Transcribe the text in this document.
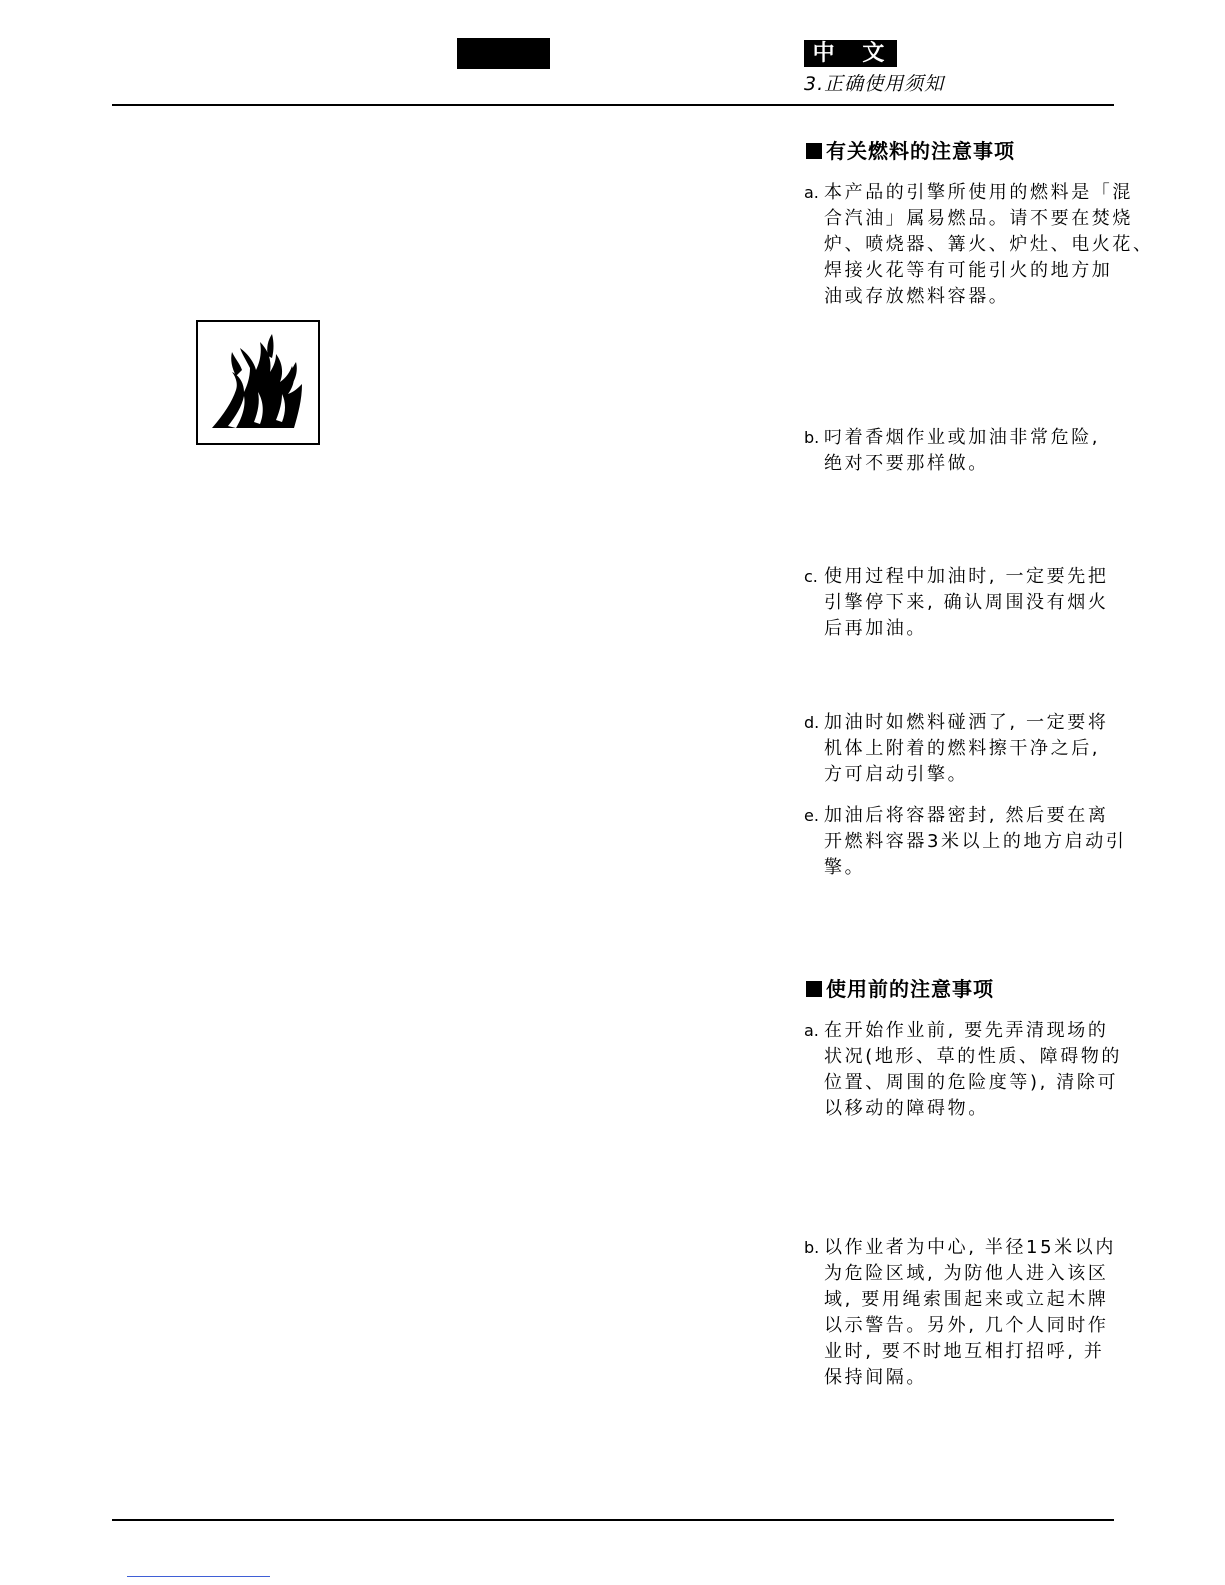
中 文
3.正确使用须知
有关燃料的注意事项
a. 本产品的引擎所使用的燃料是「混
合汽油」属易燃品。请不要在焚烧
炉、喷烧器、篝火、炉灶、电火花、
焊接火花等有可能引火的地方加
油或存放燃料容器。
b. 叼着香烟作业或加油非常危险,
绝对不要那样做。
c. 使用过程中加油时, 一定要先把
引擎停下来, 确认周围没有烟火
后再加油。
d. 加油时如燃料碰洒了, 一定要将
机体上附着的燃料擦干净之后,
方可启动引擎。
e. 加油后将容器密封, 然后要在离
开燃料容器3米以上的地方启动引
擎。
使用前的注意事项
a. 在开始作业前, 要先弄清现场的
状况(地形、草的性质、障碍物的
位置、周围的危险度等), 清除可
以移动的障碍物。
b. 以作业者为中心, 半径15米以内
为危险区域, 为防他人进入该区
域, 要用绳索围起来或立起木牌
以示警告。另外, 几个人同时作
业时, 要不时地互相打招呼, 并
保持间隔。
